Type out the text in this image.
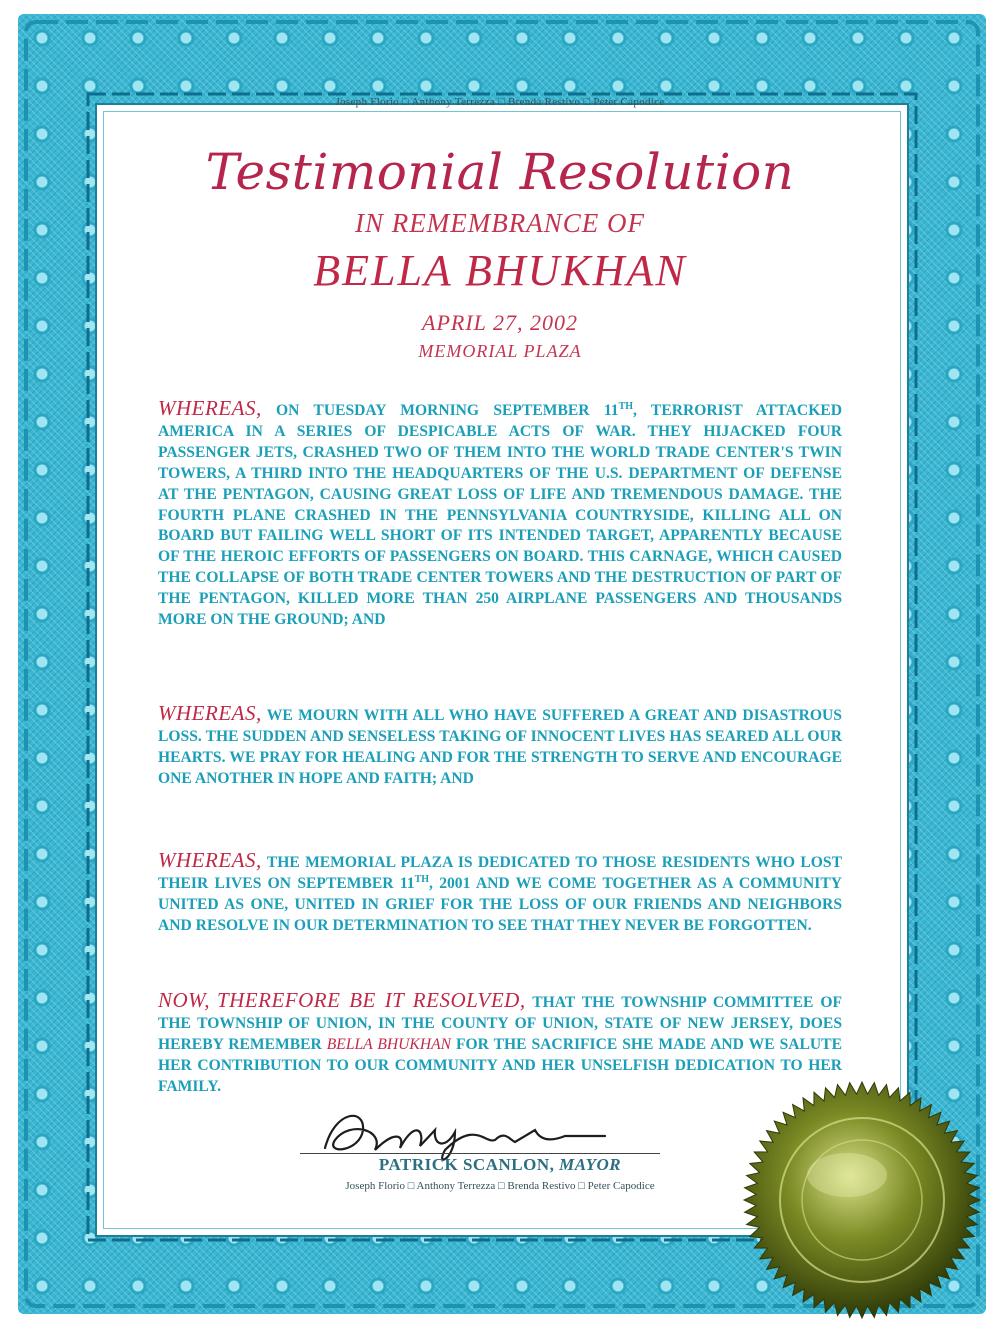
Joseph Florio □ Anthony Terrezza □ Brenda Restivo □ Peter Capodice
Testimonial Resolution
IN REMEMBRANCE OF
BELLA BHUKHAN
APRIL 27, 2002
MEMORIAL PLAZA
WHEREAS, ON TUESDAY MORNING SEPTEMBER 11TH, TERRORIST ATTACKED AMERICA IN A SERIES OF DESPICABLE ACTS OF WAR. THEY HIJACKED FOUR PASSENGER JETS, CRASHED TWO OF THEM INTO THE WORLD TRADE CENTER'S TWIN TOWERS, A THIRD INTO THE HEADQUARTERS OF THE U.S. DEPARTMENT OF DEFENSE AT THE PENTAGON, CAUSING GREAT LOSS OF LIFE AND TREMENDOUS DAMAGE. THE FOURTH PLANE CRASHED IN THE PENNSYLVANIA COUNTRYSIDE, KILLING ALL ON BOARD BUT FAILING WELL SHORT OF ITS INTENDED TARGET, APPARENTLY BECAUSE OF THE HEROIC EFFORTS OF PASSENGERS ON BOARD. THIS CARNAGE, WHICH CAUSED THE COLLAPSE OF BOTH TRADE CENTER TOWERS AND THE DESTRUCTION OF PART OF THE PENTAGON, KILLED MORE THAN 250 AIRPLANE PASSENGERS AND THOUSANDS MORE ON THE GROUND; AND
WHEREAS, WE MOURN WITH ALL WHO HAVE SUFFERED A GREAT AND DISASTROUS LOSS. THE SUDDEN AND SENSELESS TAKING OF INNOCENT LIVES HAS SEARED ALL OUR HEARTS. WE PRAY FOR HEALING AND FOR THE STRENGTH TO SERVE AND ENCOURAGE ONE ANOTHER IN HOPE AND FAITH; AND
WHEREAS, THE MEMORIAL PLAZA IS DEDICATED TO THOSE RESIDENTS WHO LOST THEIR LIVES ON SEPTEMBER 11TH, 2001 AND WE COME TOGETHER AS A COMMUNITY UNITED AS ONE, UNITED IN GRIEF FOR THE LOSS OF OUR FRIENDS AND NEIGHBORS AND RESOLVE IN OUR DETERMINATION TO SEE THAT THEY NEVER BE FORGOTTEN.
NOW, THEREFORE BE IT RESOLVED, THAT THE TOWNSHIP COMMITTEE OF THE TOWNSHIP OF UNION, IN THE COUNTY OF UNION, STATE OF NEW JERSEY, DOES HEREBY REMEMBER BELLA BHUKHAN FOR THE SACRIFICE SHE MADE AND WE SALUTE HER CONTRIBUTION TO OUR COMMUNITY AND HER UNSELFISH DEDICATION TO HER FAMILY.
PATRICK SCANLON, MAYOR
Joseph Florio □ Anthony Terrezza □ Brenda Restivo □ Peter Capodice
